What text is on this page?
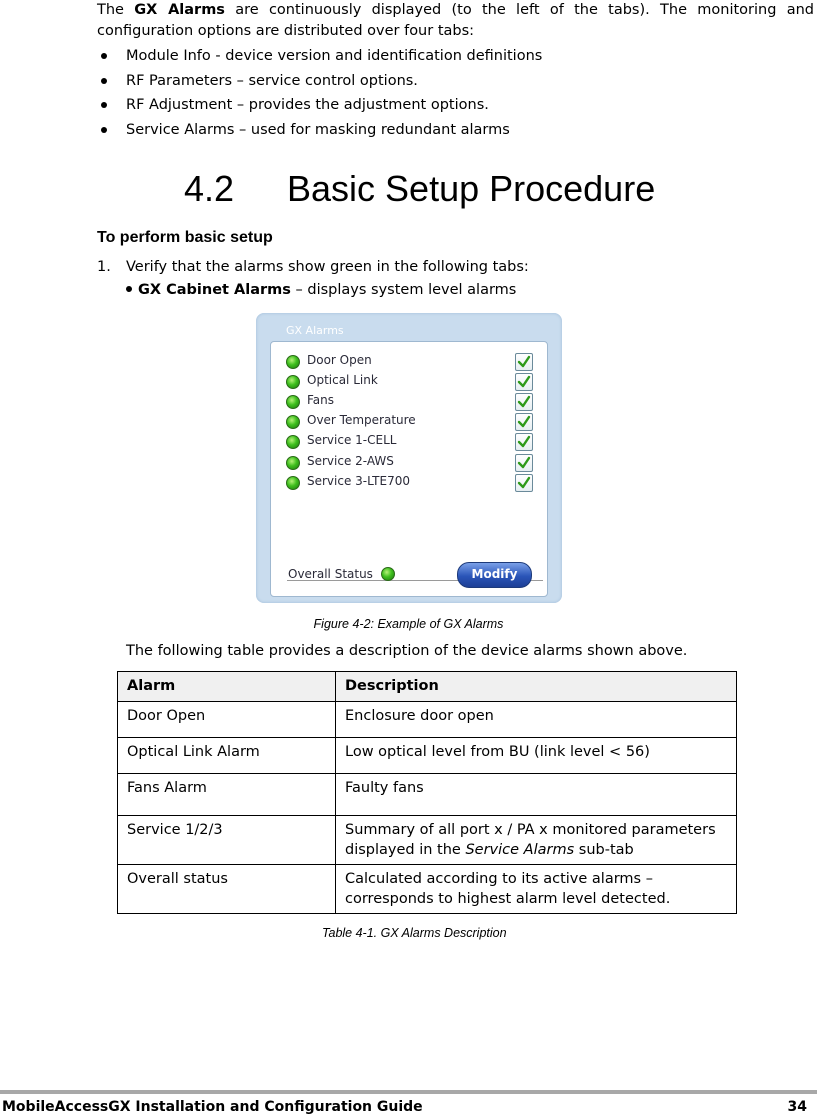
The GX Alarms are continuously displayed (to the left of the tabs). The monitoring and configuration options are distributed over four tabs:
Module Info - device version and identification definitions
RF Parameters – service control options.
RF Adjustment – provides the adjustment options.
Service Alarms – used for masking redundant alarms
4.2 Basic Setup Procedure
To perform basic setup
1. Verify that the alarms show green in the following tabs:
GX Cabinet Alarms – displays system level alarms
GX Alarms
Door Open
Optical Link
Fans
Over Temperature
Service 1-CELL
Service 2-AWS
Service 3-LTE700
Overall Status	Modify
Figure 4-2: Example of GX Alarms
The following table provides a description of the device alarms shown above.
Alarm	Description
Door Open	Enclosure door open
Optical Link Alarm	Low optical level from BU (link level < 56)
Fans Alarm	Faulty fans
Service 1/2/3	Summary of all port x / PA x monitored parameters displayed in the Service Alarms sub-tab
Overall status	Calculated according to its active alarms – corresponds to highest alarm level detected.
Table 4-1. GX Alarms Description
MobileAccessGX Installation and Configuration Guide	34
